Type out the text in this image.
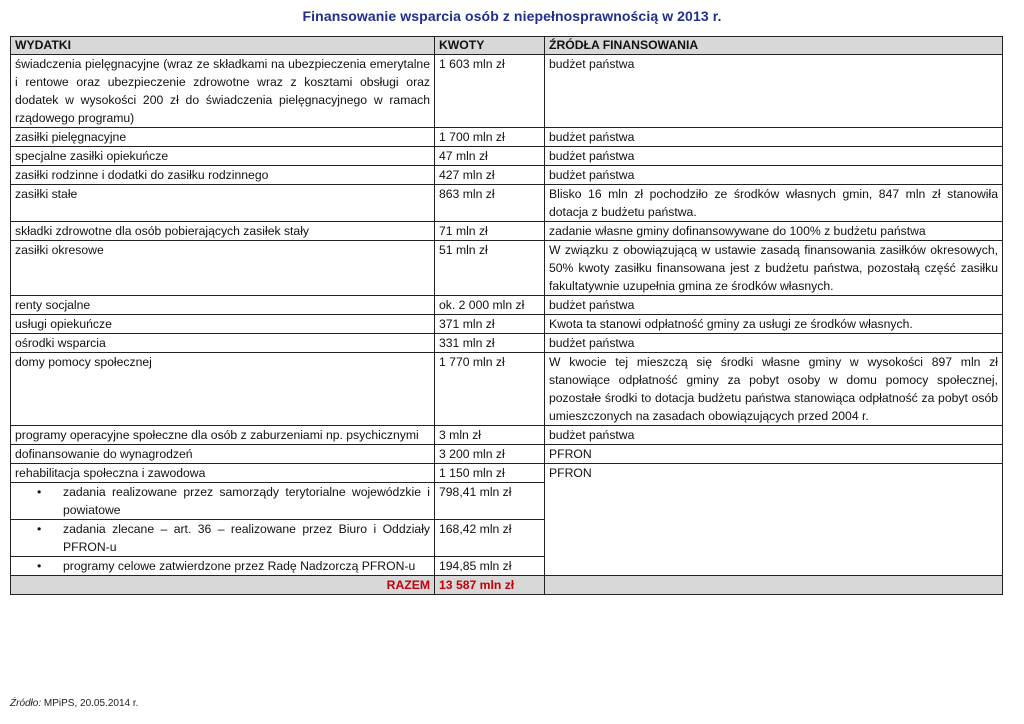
Finansowanie wsparcia osób z niepełnosprawnością w 2013 r.
WYDATKI	KWOTY	ŹRÓDŁA FINANSOWANIA
świadczenia pielęgnacyjne (wraz ze składkami na ubezpieczenia emerytalne i rentowe oraz ubezpieczenie zdrowotne wraz z kosztami obsługi oraz dodatek w wysokości 200 zł do świadczenia pielęgnacyjnego w ramach rządowego programu)	1 603 mln zł	budżet państwa
zasiłki pielęgnacyjne	1 700 mln zł	budżet państwa
specjalne zasiłki opiekuńcze	47 mln zł	budżet państwa
zasiłki rodzinne i dodatki do zasiłku rodzinnego	427 mln zł	budżet państwa
zasiłki stałe	863 mln zł	Blisko 16 mln zł pochodziło ze środków własnych gmin, 847 mln zł stanowiła dotacja z budżetu państwa.
składki zdrowotne dla osób pobierających zasiłek stały	71 mln zł	zadanie własne gminy dofinansowywane do 100% z budżetu państwa
zasiłki okresowe	51 mln zł	W związku z obowiązującą w ustawie zasadą finansowania zasiłków okresowych, 50% kwoty zasiłku finansowana jest z budżetu państwa, pozostałą część zasiłku fakultatywnie uzupełnia gmina ze środków własnych.
renty socjalne	ok. 2 000 mln zł	budżet państwa
usługi opiekuńcze	371 mln zł	Kwota ta stanowi odpłatność gminy za usługi ze środków własnych.
ośrodki wsparcia	331 mln zł	budżet państwa
domy pomocy społecznej	1 770 mln zł	W kwocie tej mieszczą się środki własne gminy w wysokości 897 mln zł stanowiące odpłatność gminy za pobyt osoby w domu pomocy społecznej, pozostałe środki to dotacja budżetu państwa stanowiąca odpłatność za pobyt osób umieszczonych na zasadach obowiązujących przed 2004 r.
programy operacyjne społeczne dla osób z zaburzeniami np. psychicznymi	3 mln zł	budżet państwa
dofinansowanie do wynagrodzeń	3 200 mln zł	PFRON
rehabilitacja społeczna i zawodowa	1 150 mln zł	PFRON

• zadania realizowane przez samorządy terytorialne wojewódzkie i powiatowe	798,41 mln zł	

• zadania zlecane – art. 36 – realizowane przez Biuro i Oddziały PFRON-u	168,42 mln zł	

• programy celowe zatwierdzone przez Radę Nadzorczą PFRON-u	194,85 mln zł	
RAZEM	13 587 mln zł	
Źródło: MPiPS, 20.05.2014 r.
